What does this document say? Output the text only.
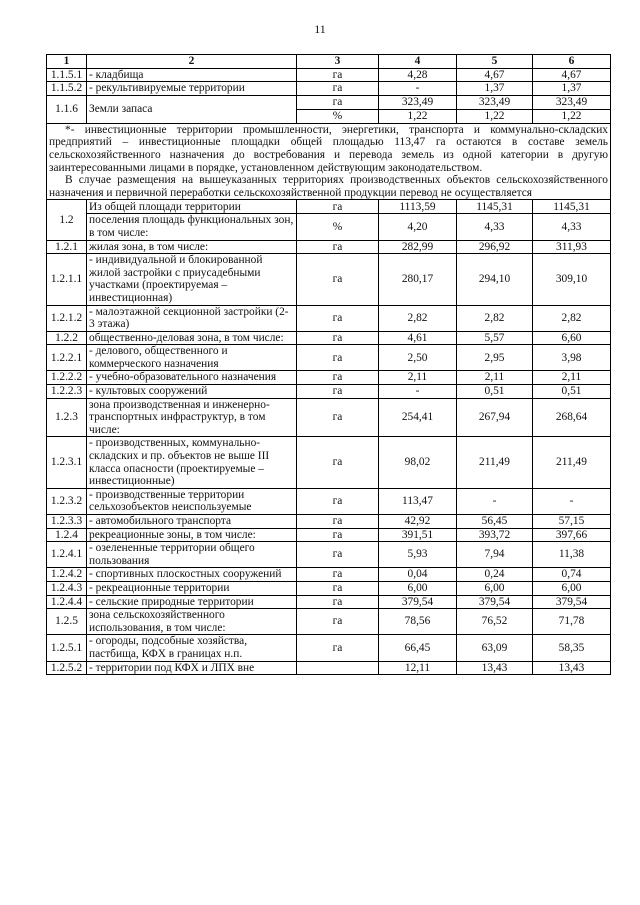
11
1	2	3	4	5	6
1.1.5.1	- кладбища	га	4,28	4,67	4,67
1.1.5.2	- рекультивируемые территории	га	-	1,37	1,37
1.1.6	Земли запаса	га	323,49	323,49	323,49
		%	1,22	1,22	1,22

*- инвестиционные территории промышленности, энергетики, транспорта и коммунально-складских предприятий – инвестиционные площадки общей площадью 113,47 га остаются в составе земель сельскохозяйственного назначения до востребования и перевода земель из одной категории в другую заинтересованными лицами в порядке, установленном действующим законодательством.

В случае размещения на вышеуказанных территориях производственных объектов сельскохозяйственного назначения и первичной переработки сельскохозяйственной продукции перевод не осуществляется					

1.2	Из общей площади территории	га	1113,59	1145,31	1145,31
	поселения площадь функциональных зон, в том числе:	%	4,20	4,33	4,33
1.2.1	жилая зона, в том числе:	га	282,99	296,92	311,93
1.2.1.1	- индивидуальной и блокированной жилой застройки с приусадебными участками (проектируемая – инвестиционная)	га	280,17	294,10	309,10
1.2.1.2	- малоэтажной секционной застройки (2-3 этажа)	га	2,82	2,82	2,82
1.2.2	общественно-деловая зона, в том числе:	га	4,61	5,57	6,60
1.2.2.1	- делового, общественного и коммерческого назначения	га	2,50	2,95	3,98
1.2.2.2	- учебно-образовательного назначения	га	2,11	2,11	2,11
1.2.2.3	- культовых сооружений	га	-	0,51	0,51
1.2.3	зона производственная и инженерно-транспортных инфраструктур, в том числе:	га	254,41	267,94	268,64
1.2.3.1	- производственных, коммунально-складских и пр. объектов не выше III класса опасности (проектируемые – инвестиционные)	га	98,02	211,49	211,49
1.2.3.2	- производственные территории сельхозобъектов неиспользуемые	га	113,47	-	-
1.2.3.3	- автомобильного транспорта	га	42,92	56,45	57,15
1.2.4	рекреационные зоны, в том числе:	га	391,51	393,72	397,66
1.2.4.1	- озелененные территории общего пользования	га	5,93	7,94	11,38
1.2.4.2	- спортивных плоскостных сооружений	га	0,04	0,24	0,74
1.2.4.3	- рекреационные территории	га	6,00	6,00	6,00
1.2.4.4	- сельские природные территории	га	379,54	379,54	379,54
1.2.5	зона сельскохозяйственного использования, в том числе:	га	78,56	76,52	71,78
1.2.5.1	- огороды, подсобные хозяйства, пастбища, КФХ в границах н.п.	га	66,45	63,09	58,35
1.2.5.2	- территории под КФХ и ЛПХ вне		12,11	13,43	13,43
